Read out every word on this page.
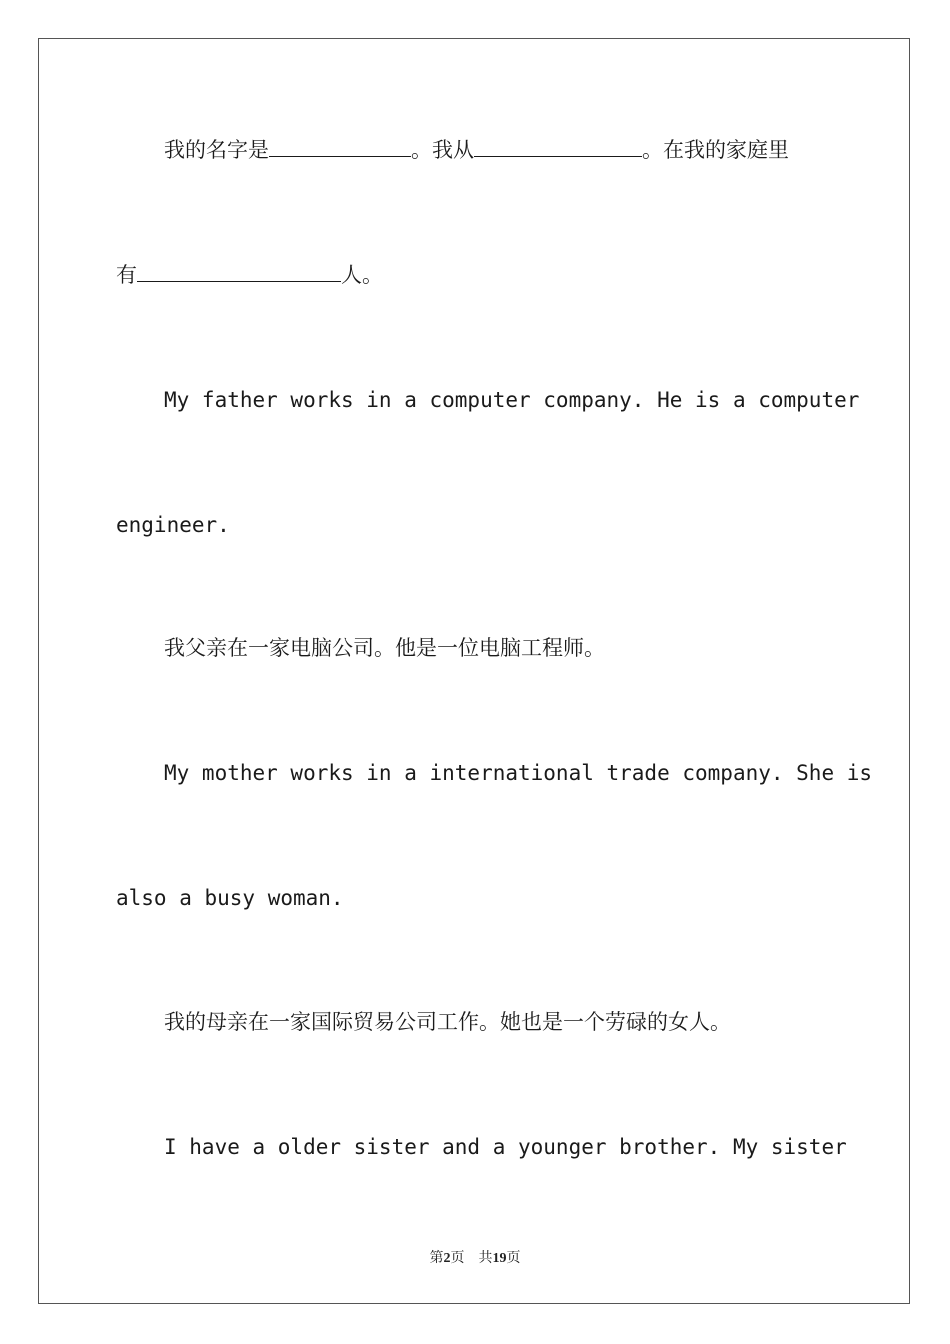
我的名字是	。我从	。在我的家庭里
有	人。
My father works in a computer company. He is a computer
engineer.
我父亲在一家电脑公司。他是一位电脑工程师。
My mother works in a international trade company. She is
also a busy woman.
我的母亲在一家国际贸易公司工作。她也是一个劳碌的女人。
I have a older sister and a younger brother. My sister
第2页　共19页
